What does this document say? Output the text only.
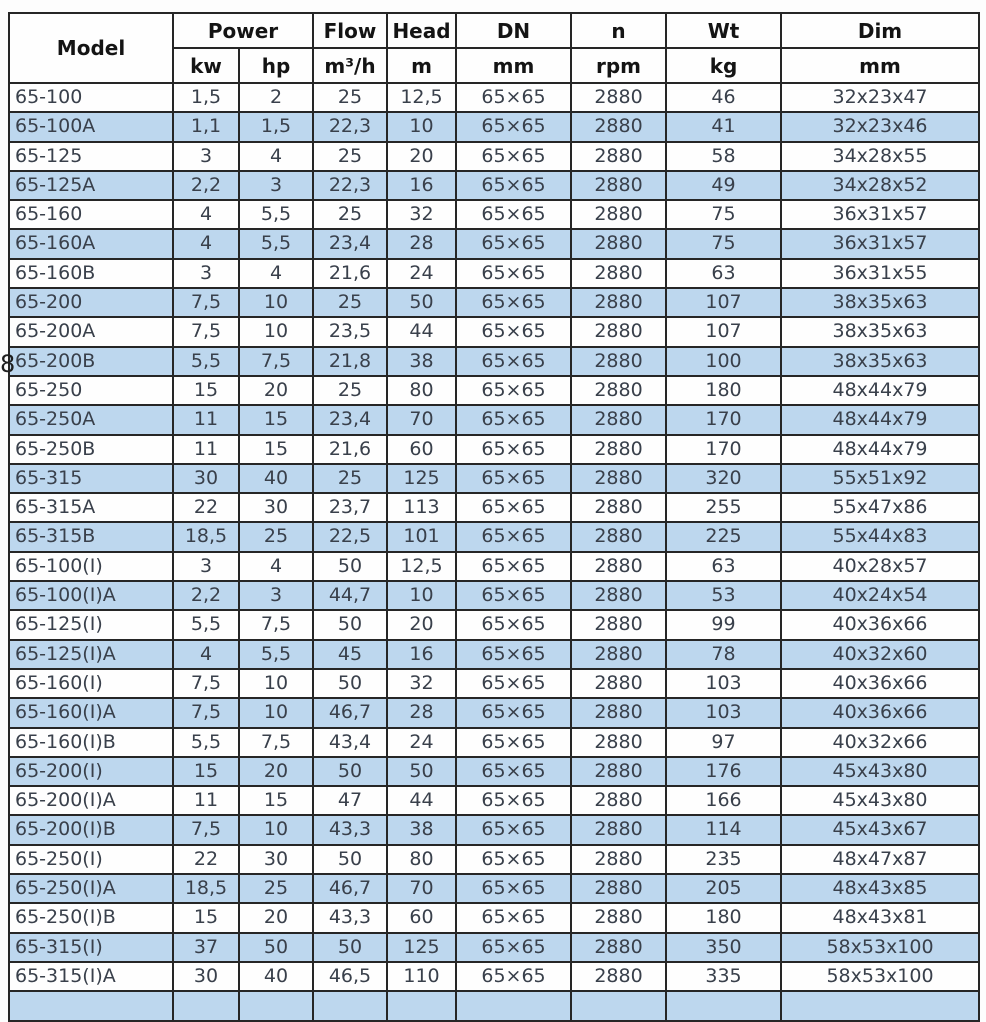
8
Model	Power		Flow	Head	DN	n	Wt	Dim
	kw	hp	m³/h	m	mm	rpm	kg	mm
65-100	1,5	2	25	12,5	65×65	2880	46	32x23x47
65-100A	1,1	1,5	22,3	10	65×65	2880	41	32x23x46
65-125	3	4	25	20	65×65	2880	58	34x28x55
65-125A	2,2	3	22,3	16	65×65	2880	49	34x28x52
65-160	4	5,5	25	32	65×65	2880	75	36x31x57
65-160A	4	5,5	23,4	28	65×65	2880	75	36x31x57
65-160B	3	4	21,6	24	65×65	2880	63	36x31x55
65-200	7,5	10	25	50	65×65	2880	107	38x35x63
65-200A	7,5	10	23,5	44	65×65	2880	107	38x35x63
65-200B	5,5	7,5	21,8	38	65×65	2880	100	38x35x63
65-250	15	20	25	80	65×65	2880	180	48x44x79
65-250A	11	15	23,4	70	65×65	2880	170	48x44x79
65-250B	11	15	21,6	60	65×65	2880	170	48x44x79
65-315	30	40	25	125	65×65	2880	320	55x51x92
65-315A	22	30	23,7	113	65×65	2880	255	55x47x86
65-315B	18,5	25	22,5	101	65×65	2880	225	55x44x83
65-100(I)	3	4	50	12,5	65×65	2880	63	40x28x57
65-100(I)A	2,2	3	44,7	10	65×65	2880	53	40x24x54
65-125(I)	5,5	7,5	50	20	65×65	2880	99	40x36x66
65-125(I)A	4	5,5	45	16	65×65	2880	78	40x32x60
65-160(I)	7,5	10	50	32	65×65	2880	103	40x36x66
65-160(I)A	7,5	10	46,7	28	65×65	2880	103	40x36x66
65-160(I)B	5,5	7,5	43,4	24	65×65	2880	97	40x32x66
65-200(I)	15	20	50	50	65×65	2880	176	45x43x80
65-200(I)A	11	15	47	44	65×65	2880	166	45x43x80
65-200(I)B	7,5	10	43,3	38	65×65	2880	114	45x43x67
65-250(I)	22	30	50	80	65×65	2880	235	48x47x87
65-250(I)A	18,5	25	46,7	70	65×65	2880	205	48x43x85
65-250(I)B	15	20	43,3	60	65×65	2880	180	48x43x81
65-315(I)	37	50	50	125	65×65	2880	350	58x53x100
65-315(I)A	30	40	46,5	110	65×65	2880	335	58x53x100
